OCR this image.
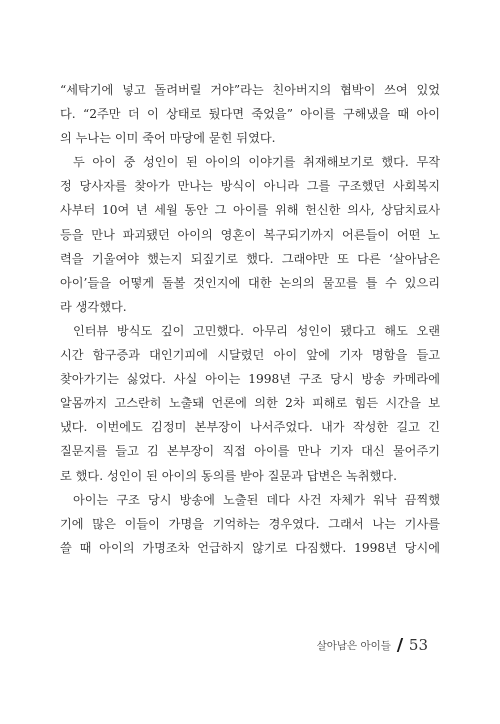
“세탁기에 넣고 돌려버릴 거야”라는 친아버지의 협박이 쓰여 있었
다. “2주만 더 이 상태로 뒀다면 죽었을” 아이를 구해냈을 때 아이
의 누나는 이미 죽어 마당에 묻힌 뒤였다.
두 아이 중 성인이 된 아이의 이야기를 취재해보기로 했다. 무작
정 당사자를 찾아가 만나는 방식이 아니라 그를 구조했던 사회복지
사부터 10여 년 세월 동안 그 아이를 위해 헌신한 의사, 상담치료사
등을 만나 파괴됐던 아이의 영혼이 복구되기까지 어른들이 어떤 노
력을 기울여야 했는지 되짚기로 했다. 그래야만 또 다른 ‘살아남은
아이’들을 어떻게 돌볼 것인지에 대한 논의의 물꼬를 틀 수 있으리
라 생각했다.
인터뷰 방식도 깊이 고민했다. 아무리 성인이 됐다고 해도 오랜
시간 함구증과 대인기피에 시달렸던 아이 앞에 기자 명함을 들고
찾아가기는 싫었다. 사실 아이는 1998년 구조 당시 방송 카메라에
알몸까지 고스란히 노출돼 언론에 의한 2차 피해로 힘든 시간을 보
냈다. 이번에도 김정미 본부장이 나서주었다. 내가 작성한 길고 긴
질문지를 들고 김 본부장이 직접 아이를 만나 기자 대신 물어주기
로 했다. 성인이 된 아이의 동의를 받아 질문과 답변은 녹취했다.
아이는 구조 당시 방송에 노출된 데다 사건 자체가 워낙 끔찍했
기에 많은 이들이 가명을 기억하는 경우였다. 그래서 나는 기사를
쓸 때 아이의 가명조차 언급하지 않기로 다짐했다. 1998년 당시에
살아남은 아이들 53
